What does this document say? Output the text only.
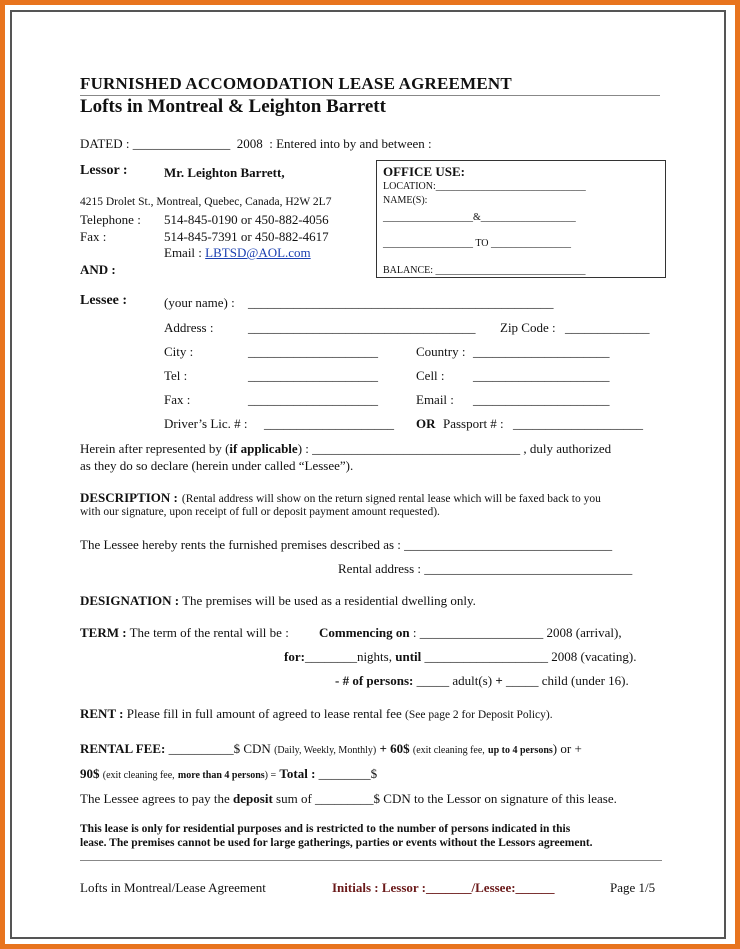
FURNISHED ACCOMODATION LEASE AGREEMENT
Lofts in Montreal & Leighton Barrett
DATED : _______________ 2008 : Entered into by and between :
Lessor :	Mr. Leighton Barrett,
4215 Drolet St., Montreal, Quebec, Canada, H2W 2L7
Telephone : 514-845-0190 or 450-882-4056
Fax :	514-845-7391 or 450-882-4617
Email : LBTSD@AOL.com
AND :
OFFICE USE:
LOCATION:______________________________
NAME(S):
__________________&___________________
__________________ TO ________________
BALANCE: ______________________________
Lessee :	(your name) : _______________________________________________
Address :	___________________________________ Zip Code : _____________
City :	____________________	Country : _____________________
Tel :	____________________	Cell : _____________________
Fax :	____________________	Email : _____________________
Driver’s Lic. # : ____________________ OR Passport # : ____________________
Herein after represented by (if applicable) : ________________________________ , duly authorized
as they do so declare (herein under called “Lessee”).
DESCRIPTION : (Rental address will show on the return signed rental lease which will be faxed back to you
with our signature, upon receipt of full or deposit payment amount requested).
The Lessee hereby rents the furnished premises described as : ________________________________
Rental address : ________________________________
DESIGNATION : The premises will be used as a residential dwelling only.
TERM : The term of the rental will be : Commencing on : ___________________ 2008 (arrival),
for:________nights, until ___________________ 2008 (vacating).
- # of persons: _____ adult(s) + _____ child (under 16).
RENT : Please fill in full amount of agreed to lease rental fee (See page 2 for Deposit Policy).
RENTAL FEE: __________$ CDN (Daily, Weekly, Monthly) + 60$ (exit cleaning fee, up to 4 persons) or +
90$ (exit cleaning fee, more than 4 persons) = Total : ________$
The Lessee agrees to pay the deposit sum of _________$ CDN to the Lessor on signature of this lease.
This lease is only for residential purposes and is restricted to the number of persons indicated in this
lease. The premises cannot be used for large gatherings, parties or events without the Lessors agreement.
Lofts in Montreal/Lease Agreement	Initials : Lessor :_______/Lessee:______	Page 1/5
